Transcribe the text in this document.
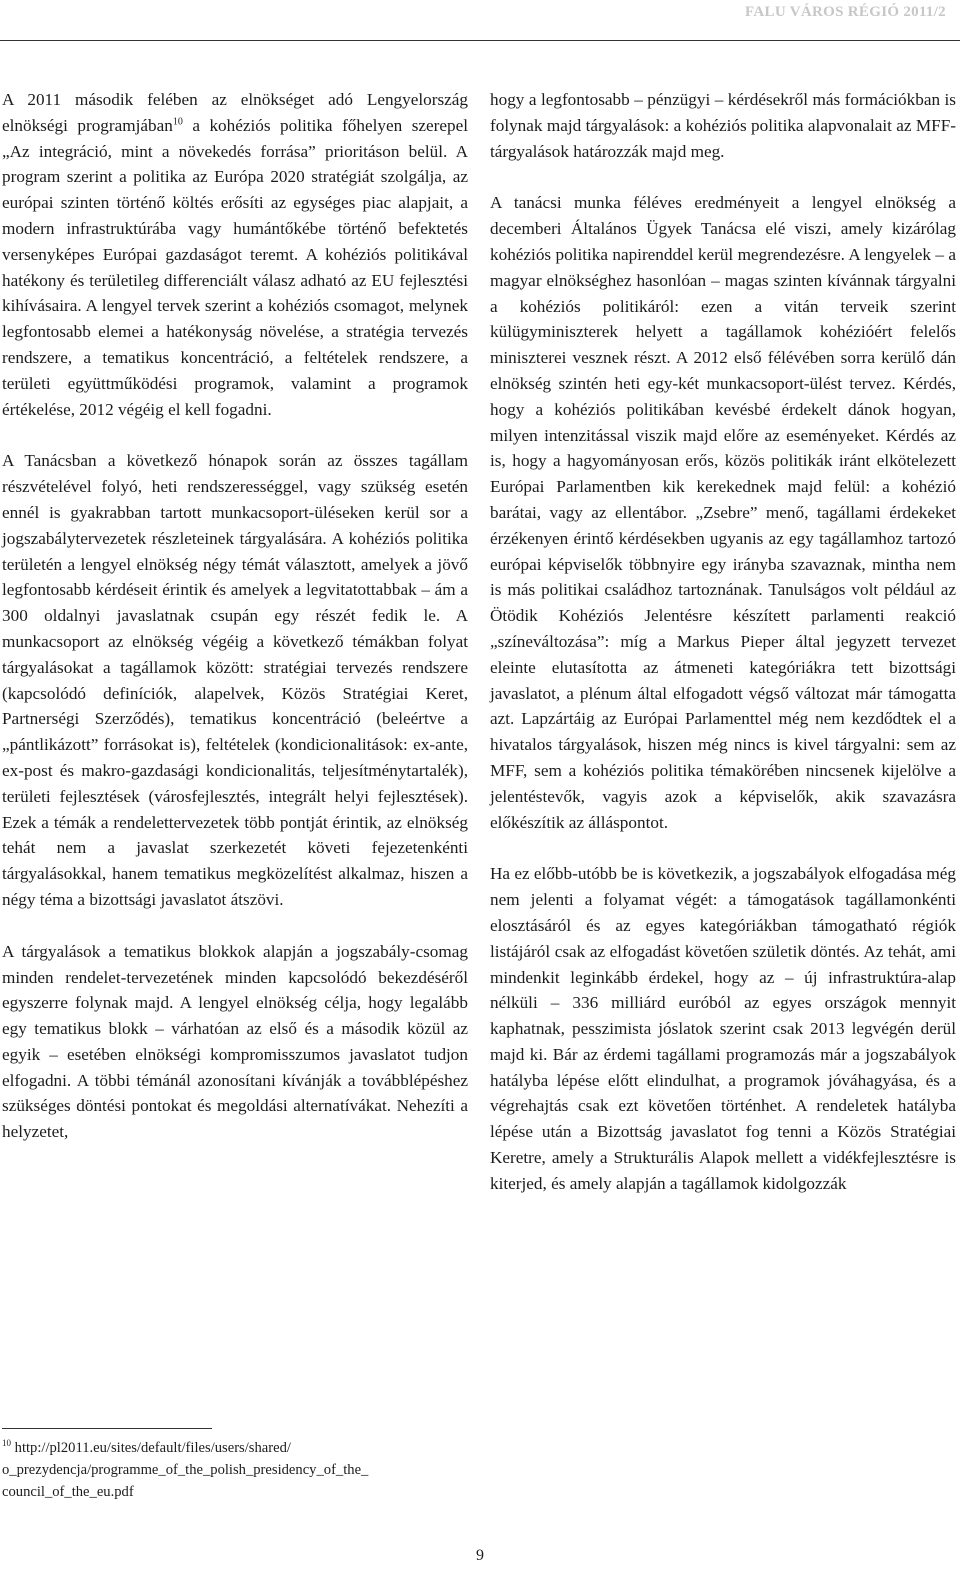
FALU VÁROS RÉGIÓ 2011/2

A 2011 második felében az elnökséget adó Lengyelország elnökségi programjában$^{10}$ a kohéziós politika főhelyen szerepel „Az integráció, mint a növekedés forrása” prioritáson belül. A program szerint a politika az Európa 2020 stratégiát szolgálja, az európai szinten történő költés erősíti az egységes piac alapjait, a modern infrastruktúrába vagy humántőkébe történő befektetés versenyképes Európai gazdaságot teremt. A kohéziós politikával hatékony és területileg differenciált válasz adható az EU fejlesztési kihívásaira. A lengyel tervek szerint a kohéziós csomagot, melynek legfontosabb elemei a hatékonyság növelése, a stratégia tervezés rendszere, a tematikus koncentráció, a feltételek rendszere, a területi együttműködési programok, valamint a programok értékelése, 2012 végéig el kell fogadni.

A Tanácsban a következő hónapok során az összes tagállam részvételével folyó, heti rendszerességgel, vagy szükség esetén ennél is gyakrabban tartott munkacsoport-üléseken kerül sor a jogszabálytervezetek részleteinek tárgyalására. A kohéziós politika területén a lengyel elnökség négy témát választott, amelyek a jövő legfontosabb kérdéseit érintik és amelyek a legvitatottabbak – ám a 300 oldalnyi javaslatnak csupán egy részét fedik le. A munkacsoport az elnökség végéig a következő témákban folyat tárgyalásokat a tagállamok között: stratégiai tervezés rendszere (kapcsolódó definíciók, alapelvek, Közös Stratégiai Keret, Partnerségi Szerződés), tematikus koncentráció (beleértve a „pántlikázott” forrásokat is), feltételek (kondicionalitások: ex-ante, ex-post és makro-gazdasági kondicionalitás, teljesítménytartalék), területi fejlesztések (városfejlesztés, integrált helyi fejlesztések). Ezek a témák a rendelettervezetek több pontját érintik, az elnökség tehát nem a javaslat szerkezetét követi fejezetenkénti tárgyalásokkal, hanem tematikus megközelítést alkalmaz, hiszen a négy téma a bizottsági javaslatot átszövi.

A tárgyalások a tematikus blokkok alapján a jogszabály-csomag minden rendelet-tervezetének minden kapcsolódó bekezdéséről egyszerre folynak majd. A lengyel elnökség célja, hogy legalább egy tematikus blokk – várhatóan az első és a második közül az egyik – esetében elnökségi kompromisszumos javaslatot tudjon elfogadni. A többi témánál azonosítani kívánják a továbblépéshez szükséges döntési pontokat és megoldási alternatívákat. Nehezíti a helyzetet,

$^{10}$ http://pl2011.eu/sites/default/files/users/shared/ o_prezydencja/programme_of_the_polish_presidency_of_the_ council_of_the_eu.pdf

hogy a legfontosabb – pénzügyi – kérdésekről más formációkban is folynak majd tárgyalások: a kohéziós politika alapvonalait az MFF-tárgyalások határozzák majd meg.

A tanácsi munka féléves eredményeit a lengyel elnökség a decemberi Általános Ügyek Tanácsa elé viszi, amely kizárólag kohéziós politika napirenddel kerül megrendezésre. A lengyelek – a magyar elnökséghez hasonlóan – magas szinten kívánnak tárgyalni a kohéziós politikáról: ezen a vitán terveik szerint külügyminiszterek helyett a tagállamok kohézióért felelős miniszterei vesznek részt. A 2012 első félévében sorra kerülő dán elnökség szintén heti egy-két munkacsoport-ülést tervez. Kérdés, hogy a kohéziós politikában kevésbé érdekelt dánok hogyan, milyen intenzitással viszik majd előre az eseményeket. Kérdés az is, hogy a hagyományosan erős, közös politikák iránt elkötelezett Európai Parlamentben kik kerekednek majd felül: a kohézió barátai, vagy az ellentábor. „Zsebre” menő, tagállami érdekeket érzékenyen érintő kérdésekben ugyanis az egy tagállamhoz tartozó európai képviselők többnyire egy irányba szavaznak, mintha nem is más politikai családhoz tartoznának. Tanulságos volt például az Ötödik Kohéziós Jelentésre készített parlamenti reakció „színeváltozása”: míg a Markus Pieper által jegyzett tervezet eleinte elutasította az átmeneti kategóriákra tett bizottsági javaslatot, a plénum által elfogadott végső változat már támogatta azt. Lapzártáig az Európai Parlamenttel még nem kezdődtek el a hivatalos tárgyalások, hiszen még nincs is kivel tárgyalni: sem az MFF, sem a kohéziós politika témakörében nincsenek kijelölve a jelentéstevők, vagyis azok a képviselők, akik szavazásra előkészítik az álláspontot.

Ha ez előbb-utóbb be is következik, a jogszabályok elfogadása még nem jelenti a folyamat végét: a támogatások tagállamonkénti elosztásáról és az egyes kategóriákban támogatható régiók listájáról csak az elfogadást követően születik döntés. Az tehát, ami mindenkit leginkább érdekel, hogy az – új infrastruktúra-alap nélküli – 336 milliárd euróból az egyes országok mennyit kaphatnak, pesszimista jóslatok szerint csak 2013 legvégén derül majd ki. Bár az érdemi tagállami programozás már a jogszabályok hatályba lépése előtt elindulhat, a programok jóváhagyása, és a végrehajtás csak ezt követően történhet. A rendeletek hatályba lépése után a Bizottság javaslatot fog tenni a Közös Stratégiai Keretre, amely a Strukturális Alapok mellett a vidékfejlesztésre is kiterjed, és amely alapján a tagállamok kidolgozzák

9
